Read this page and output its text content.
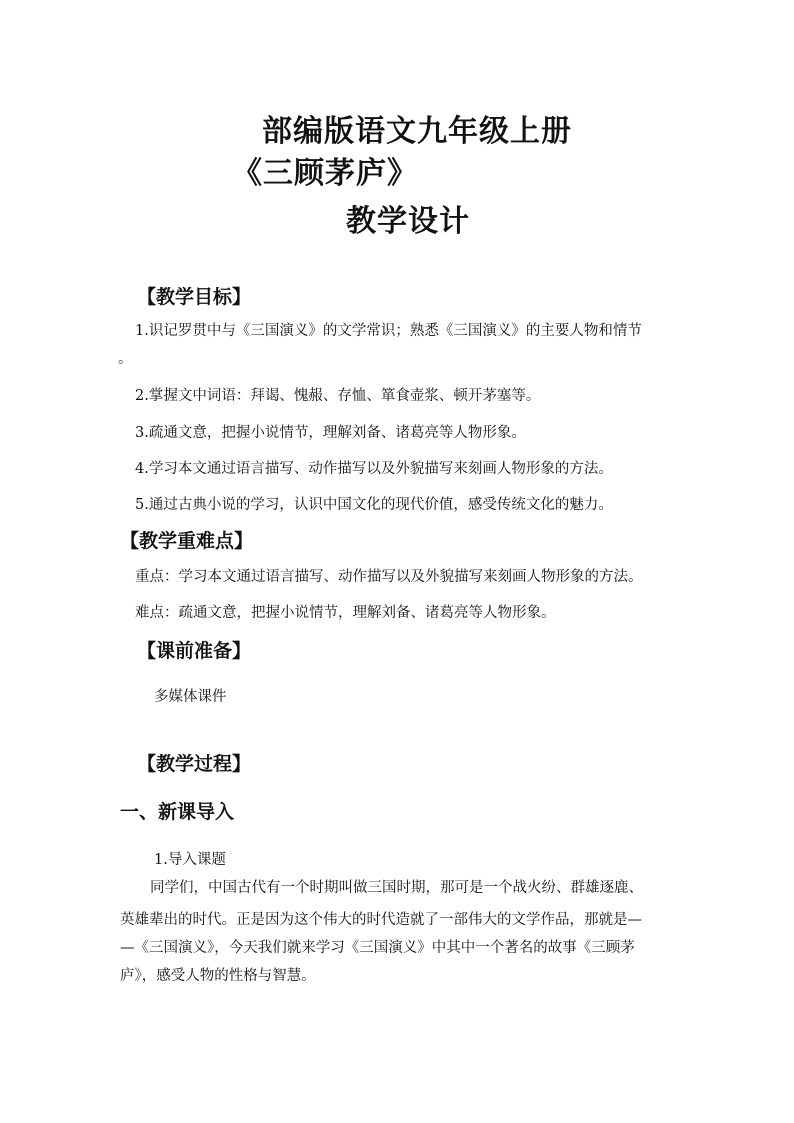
部编版语文九年级上册
《三顾茅庐》
教学设计
【教学目标】
1.识记罗贯中与《三国演义》的文学常识；熟悉《三国演义》的主要人物和情节
。
2.掌握文中词语：拜谒、愧赧、存恤、箪食壶浆、顿开茅塞等。
3.疏通文意，把握小说情节，理解刘备、诸葛亮等人物形象。
4.学习本文通过语言描写、动作描写以及外貌描写来刻画人物形象的方法。
5.通过古典小说的学习，认识中国文化的现代价值，感受传统文化的魅力。
【教学重难点】
重点：学习本文通过语言描写、动作描写以及外貌描写来刻画人物形象的方法。
难点：疏通文意，把握小说情节，理解刘备、诸葛亮等人物形象。
【课前准备】
多媒体课件
【教学过程】
一、新课导入
1.导入课题
同学们，中国古代有一个时期叫做三国时期，那可是一个战火纷、群雄逐鹿、
英雄辈出的时代。正是因为这个伟大的时代造就了一部伟大的文学作品，那就是—
—《三国演义》，今天我们就来学习《三国演义》中其中一个著名的故事《三顾茅
庐》，感受人物的性格与智慧。
